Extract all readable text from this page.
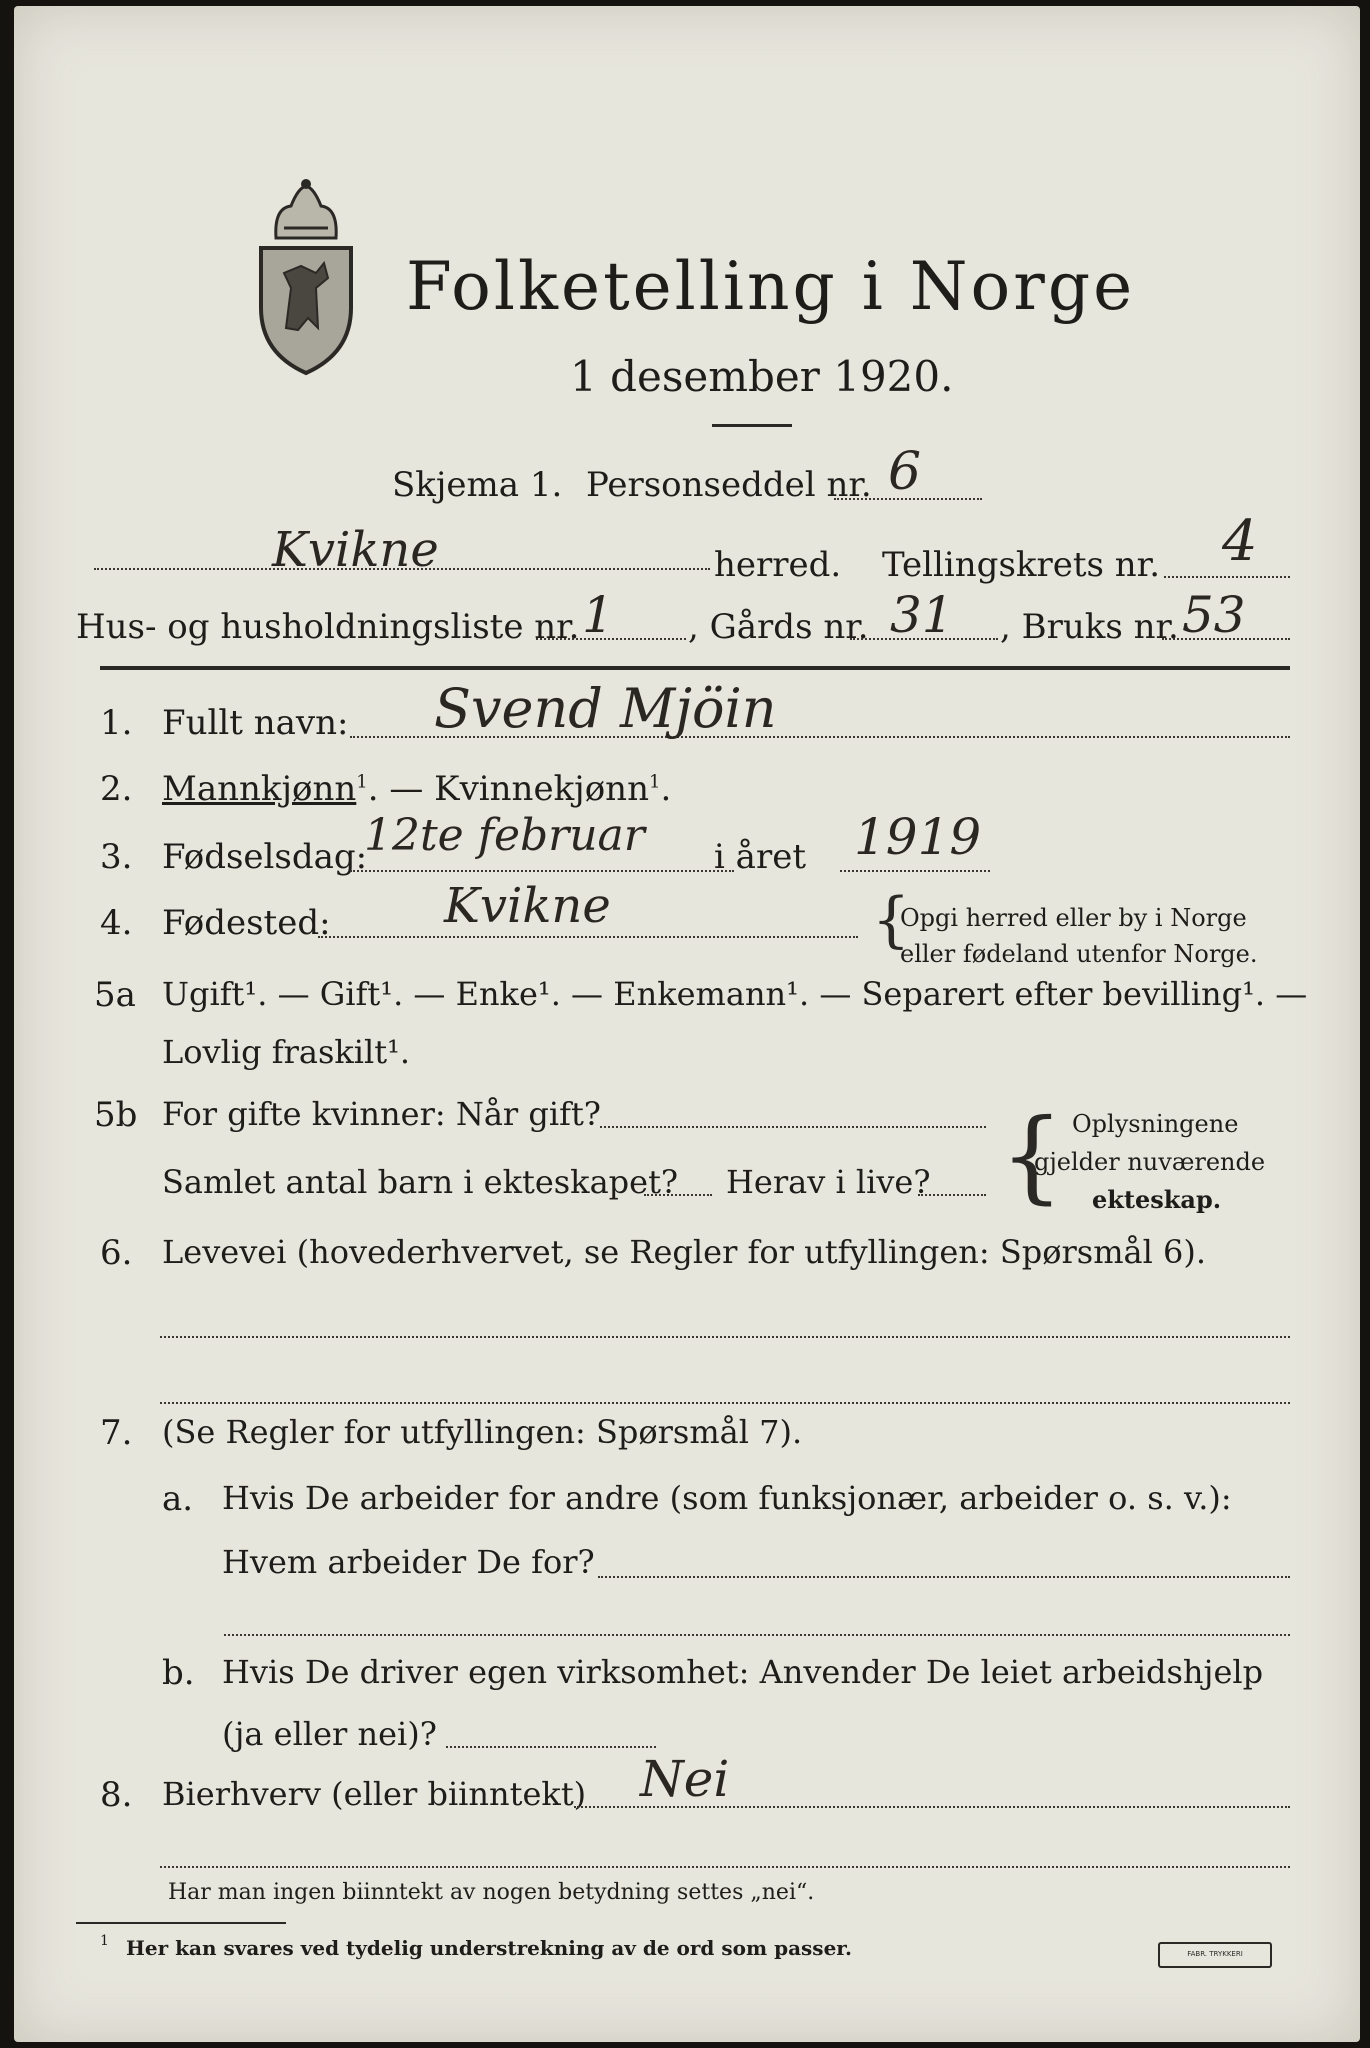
Folketelling i Norge
1 desember 1920.
Skjema 1. Personseddel nr. 6
Kvikne	herred. Tellingskrets nr. 4
Hus- og husholdningsliste nr. 1 , Gårds nr. 31 , Bruks nr. 53
1. Fullt navn: Svend Mjöin
2. Mannkjønn$^1$. — Kvinnekjønn$^1$.
3. Fødselsdag:
12te februar i året 1919
4. Fødested: Kvikne	{
Opgi herred eller by i Norge
eller fødeland utenfor Norge.
5a Ugift¹. — Gift¹. — Enke¹. — Enkemann¹. — Separert efter bevilling¹. —
Lovlig fraskilt¹.
5b For gifte kvinner: Når gift?
Samlet antal barn i ekteskapet? Herav i live? { Oplysningene
gjelder nuværende
ekteskap.
6. Levevei (hovederhvervet, se Regler for utfyllingen: Spørsmål 6).
7. (Se Regler for utfyllingen: Spørsmål 7).
a. Hvis De arbeider for andre (som funksjonær, arbeider o. s. v.):
Hvem arbeider De for?
b. Hvis De driver egen virksomhet: Anvender De leiet arbeidshjelp
(ja eller nei)?
8. Bierhverv (eller biinntekt) Nei
Har man ingen biinntekt av nogen betydning settes „nei“.
1 Her kan svares ved tydelig understrekning av de ord som passer.	FABR. TRYKKERI
